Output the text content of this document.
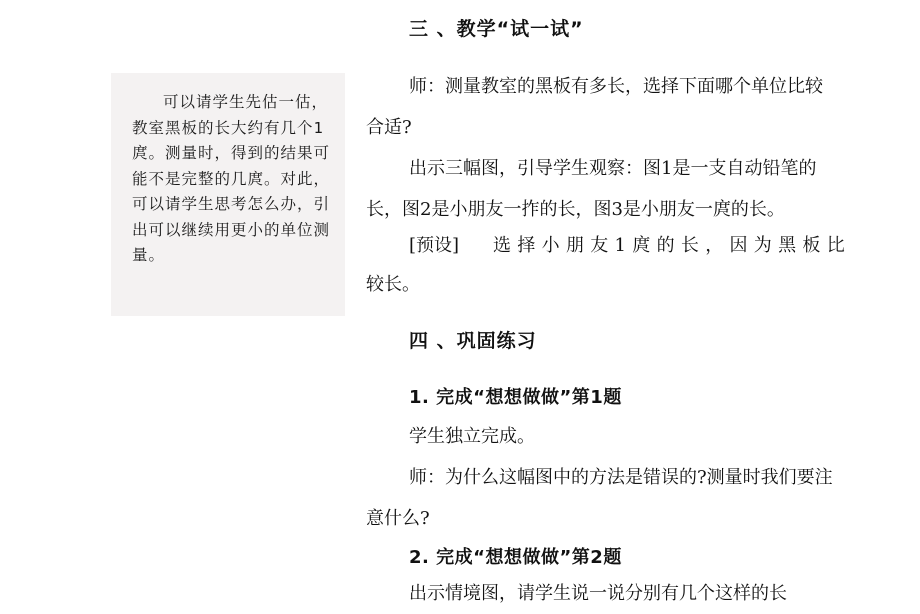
可以请学生先估一估，教室黑板的长大约有几个1庹。测量时，得到的结果可能不是完整的几庹。对此，可以请学生思考怎么办，引出可以继续用更小的单位测量。
三 、教学“试一试”
师：测量教室的黑板有多长，选择下面哪个单位比较合适?
出示三幅图，引导学生观察：图1是一支自动铅笔的长，图2是小朋友一拃的长，图3是小朋友一庹的长。
[预设] 选择小朋友1庹的长，因为黑板比
较长。
四 、巩固练习
1. 完成“想想做做”第1题
学生独立完成。
师：为什么这幅图中的方法是错误的?测量时我们要注意什么?
2. 完成“想想做做”第2题
出示情境图，请学生说一说分别有几个这样的长
